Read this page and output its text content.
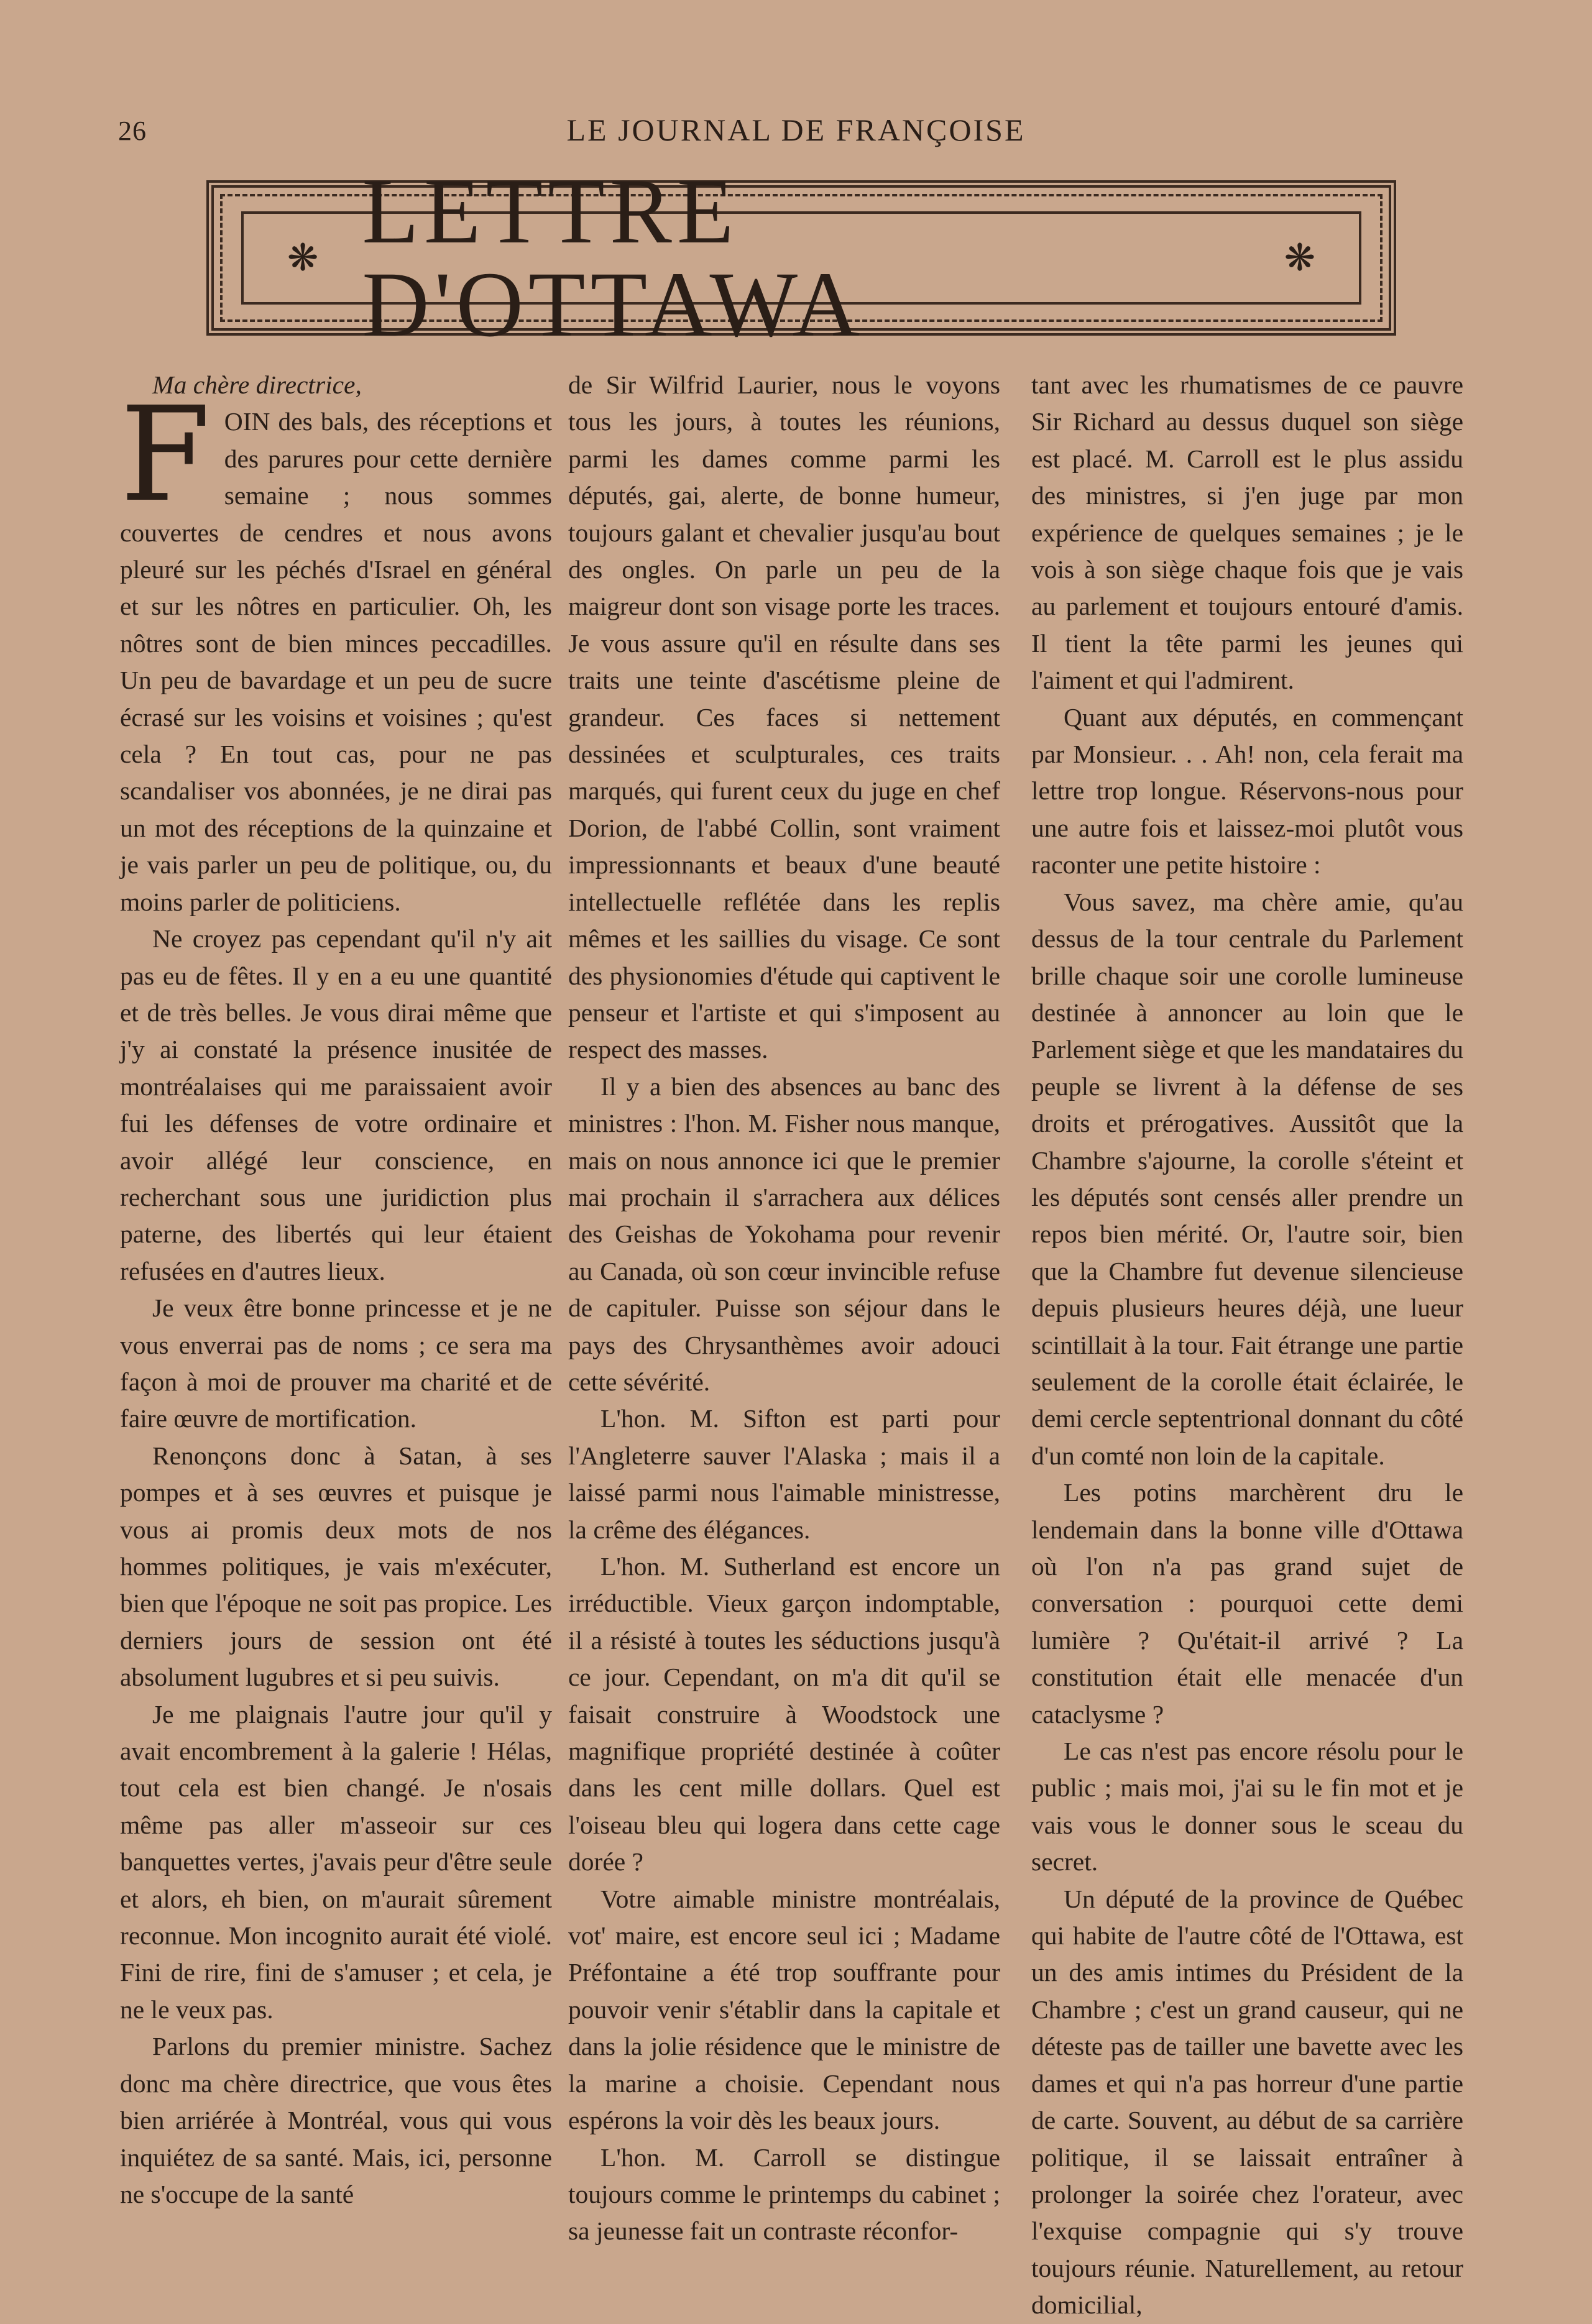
26	LE JOURNAL DE FRANÇOISE
❋ LETTRE D'OTTAWA	❋

Ma chère directrice,

FOIN des bals, des réceptions et des parures pour cette dernière semaine ; nous sommes couvertes de cendres et nous avons pleuré sur les péchés d'Israel en général et sur les nôtres en particulier. Oh, les nôtres sont de bien minces peccadilles. Un peu de bavardage et un peu de sucre écrasé sur les voisins et voisines ; qu'est cela ? En tout cas, pour ne pas scandaliser vos abonnées, je ne dirai pas un mot des réceptions de la quinzaine et je vais parler un peu de politique, ou, du moins parler de politiciens.

Ne croyez pas cependant qu'il n'y ait pas eu de fêtes. Il y en a eu une quantité et de très belles. Je vous dirai même que j'y ai constaté la présence inusitée de montréalaises qui me paraissaient avoir fui les défenses de votre ordinaire et avoir allégé leur conscience, en recherchant sous une juridiction plus paterne, des libertés qui leur étaient refusées en d'autres lieux.

Je veux être bonne princesse et je ne vous enverrai pas de noms ; ce sera ma façon à moi de prouver ma charité et de faire œuvre de mortification.

Renonçons donc à Satan, à ses pompes et à ses œuvres et puisque je vous ai promis deux mots de nos hommes politiques, je vais m'exécuter, bien que l'époque ne soit pas propice. Les derniers jours de session ont été absolument lugubres et si peu suivis.

Je me plaignais l'autre jour qu'il y avait encombrement à la galerie ! Hélas, tout cela est bien changé. Je n'osais même pas aller m'asseoir sur ces banquettes vertes, j'avais peur d'être seule et alors, eh bien, on m'aurait sûrement reconnue. Mon incognito aurait été violé. Fini de rire, fini de s'amuser ; et cela, je ne le veux pas.

Parlons du premier ministre. Sachez donc ma chère directrice, que vous êtes bien arriérée à Montréal, vous qui vous inquiétez de sa santé. Mais, ici, personne ne s'occupe de la santé

de Sir Wilfrid Laurier, nous le voyons tous les jours, à toutes les réunions, parmi les dames comme parmi les députés, gai, alerte, de bonne humeur, toujours galant et chevalier jusqu'au bout des ongles. On parle un peu de la maigreur dont son visage porte les traces. Je vous assure qu'il en résulte dans ses traits une teinte d'ascétisme pleine de grandeur. Ces faces si nettement dessinées et sculpturales, ces traits marqués, qui furent ceux du juge en chef Dorion, de l'abbé Collin, sont vraiment impressionnants et beaux d'une beauté intellectuelle reflétée dans les replis mêmes et les saillies du visage. Ce sont des physionomies d'étude qui captivent le penseur et l'artiste et qui s'imposent au respect des masses.

Il y a bien des absences au banc des ministres : l'hon. M. Fisher nous manque, mais on nous annonce ici que le premier mai prochain il s'arrachera aux délices des Geishas de Yokohama pour revenir au Canada, où son cœur invincible refuse de capituler. Puisse son séjour dans le pays des Chrysanthèmes avoir adouci cette sévérité.

L'hon. M. Sifton est parti pour l'Angleterre sauver l'Alaska ; mais il a laissé parmi nous l'aimable ministresse, la crême des élégances.

L'hon. M. Sutherland est encore un irréductible. Vieux garçon indomptable, il a résisté à toutes les séductions jusqu'à ce jour. Cependant, on m'a dit qu'il se faisait construire à Woodstock une magnifique propriété destinée à coûter dans les cent mille dollars. Quel est l'oiseau bleu qui logera dans cette cage dorée ?

Votre aimable ministre montréalais, vot' maire, est encore seul ici ; Madame Préfontaine a été trop souffrante pour pouvoir venir s'établir dans la capitale et dans la jolie résidence que le ministre de la marine a choisie. Cependant nous espérons la voir dès les beaux jours.

L'hon. M. Carroll se distingue toujours comme le printemps du cabinet ; sa jeunesse fait un contraste réconfor-

tant avec les rhumatismes de ce pauvre Sir Richard au dessus duquel son siège est placé. M. Carroll est le plus assidu des ministres, si j'en juge par mon expérience de quelques semaines ; je le vois à son siège chaque fois que je vais au parlement et toujours entouré d'amis. Il tient la tête parmi les jeunes qui l'aiment et qui l'admirent.

Quant aux députés, en commençant par Monsieur. . . Ah! non, cela ferait ma lettre trop longue. Réservons-nous pour une autre fois et laissez-moi plutôt vous raconter une petite histoire :

Vous savez, ma chère amie, qu'au dessus de la tour centrale du Parlement brille chaque soir une corolle lumineuse destinée à annoncer au loin que le Parlement siège et que les mandataires du peuple se livrent à la défense de ses droits et prérogatives. Aussitôt que la Chambre s'ajourne, la corolle s'éteint et les députés sont censés aller prendre un repos bien mérité. Or, l'autre soir, bien que la Chambre fut devenue silencieuse depuis plusieurs heures déjà, une lueur scintillait à la tour. Fait étrange une partie seulement de la corolle était éclairée, le demi cercle septentrional donnant du côté d'un comté non loin de la capitale.

Les potins marchèrent dru le lendemain dans la bonne ville d'Ottawa où l'on n'a pas grand sujet de conversation : pourquoi cette demi lumière ? Qu'était-il arrivé ? La constitution était elle menacée d'un cataclysme ?

Le cas n'est pas encore résolu pour le public ; mais moi, j'ai su le fin mot et je vais vous le donner sous le sceau du secret.

Un député de la province de Québec qui habite de l'autre côté de l'Ottawa, est un des amis intimes du Président de la Chambre ; c'est un grand causeur, qui ne déteste pas de tailler une bavette avec les dames et qui n'a pas horreur d'une partie de carte. Souvent, au début de sa carrière politique, il se laissait entraîner à prolonger la soirée chez l'orateur, avec l'exquise compagnie qui s'y trouve toujours réunie. Naturellement, au retour domicilial,
